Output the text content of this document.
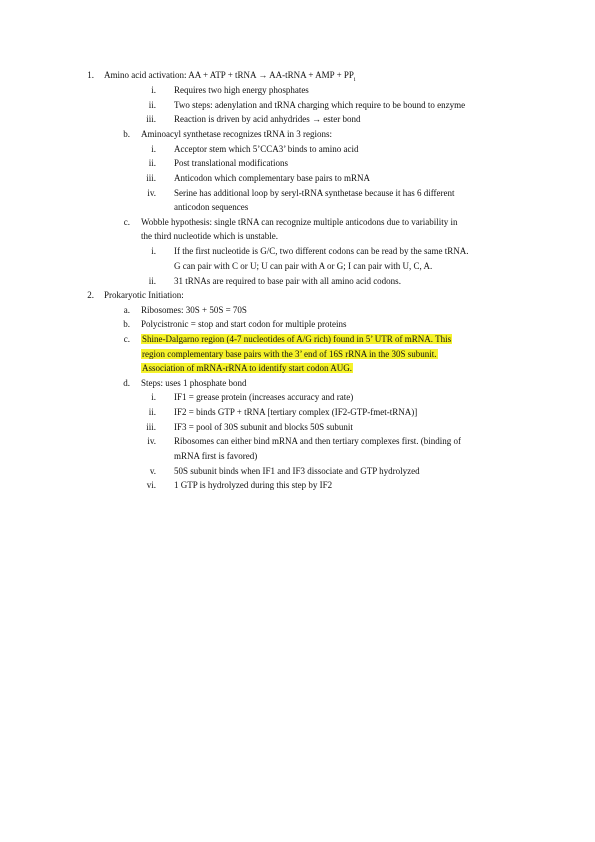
1. Amino acid activation: AA + ATP + tRNA → AA-tRNA + AMP + $PP_i$
i. Requires two high energy phosphates
ii. Two steps: adenylation and tRNA charging which require to be bound to enzyme
iii. Reaction is driven by acid anhydrides → ester bond
b. Aminoacyl synthetase recognizes tRNA in 3 regions:
i. Acceptor stem which 5’CCA3’ binds to amino acid
ii. Post translational modifications
iii. Anticodon which complementary base pairs to mRNA
iv. Serine has additional loop by seryl-tRNA synthetase because it has 6 different
anticodon sequences
c. Wobble hypothesis: single tRNA can recognize multiple anticodons due to variability in
the third nucleotide which is unstable.
i. If the first nucleotide is G/C, two different codons can be read by the same tRNA.
G can pair with C or U; U can pair with A or G; I can pair with U, C, A.
ii. 31 tRNAs are required to base pair with all amino acid codons.
2. Prokaryotic Initiation:
a. Ribosomes: 30S + 50S = 70S
b. Polycistronic = stop and start codon for multiple proteins
c. Shine-Dalgarno region (4-7 nucleotides of A/G rich) found in 5’ UTR of mRNA. This
region complementary base pairs with the 3’ end of 16S rRNA in the 30S subunit.
Association of mRNA-rRNA to identify start codon AUG.
d. Steps: uses 1 phosphate bond
i. IF1 = grease protein (increases accuracy and rate)
ii. IF2 = binds GTP + tRNA [tertiary complex (IF2-GTP-fmet-tRNA)]
iii. IF3 = pool of 30S subunit and blocks 50S subunit
iv. Ribosomes can either bind mRNA and then tertiary complexes first. (binding of
mRNA first is favored)
v. 50S subunit binds when IF1 and IF3 dissociate and GTP hydrolyzed
vi. 1 GTP is hydrolyzed during this step by IF2
